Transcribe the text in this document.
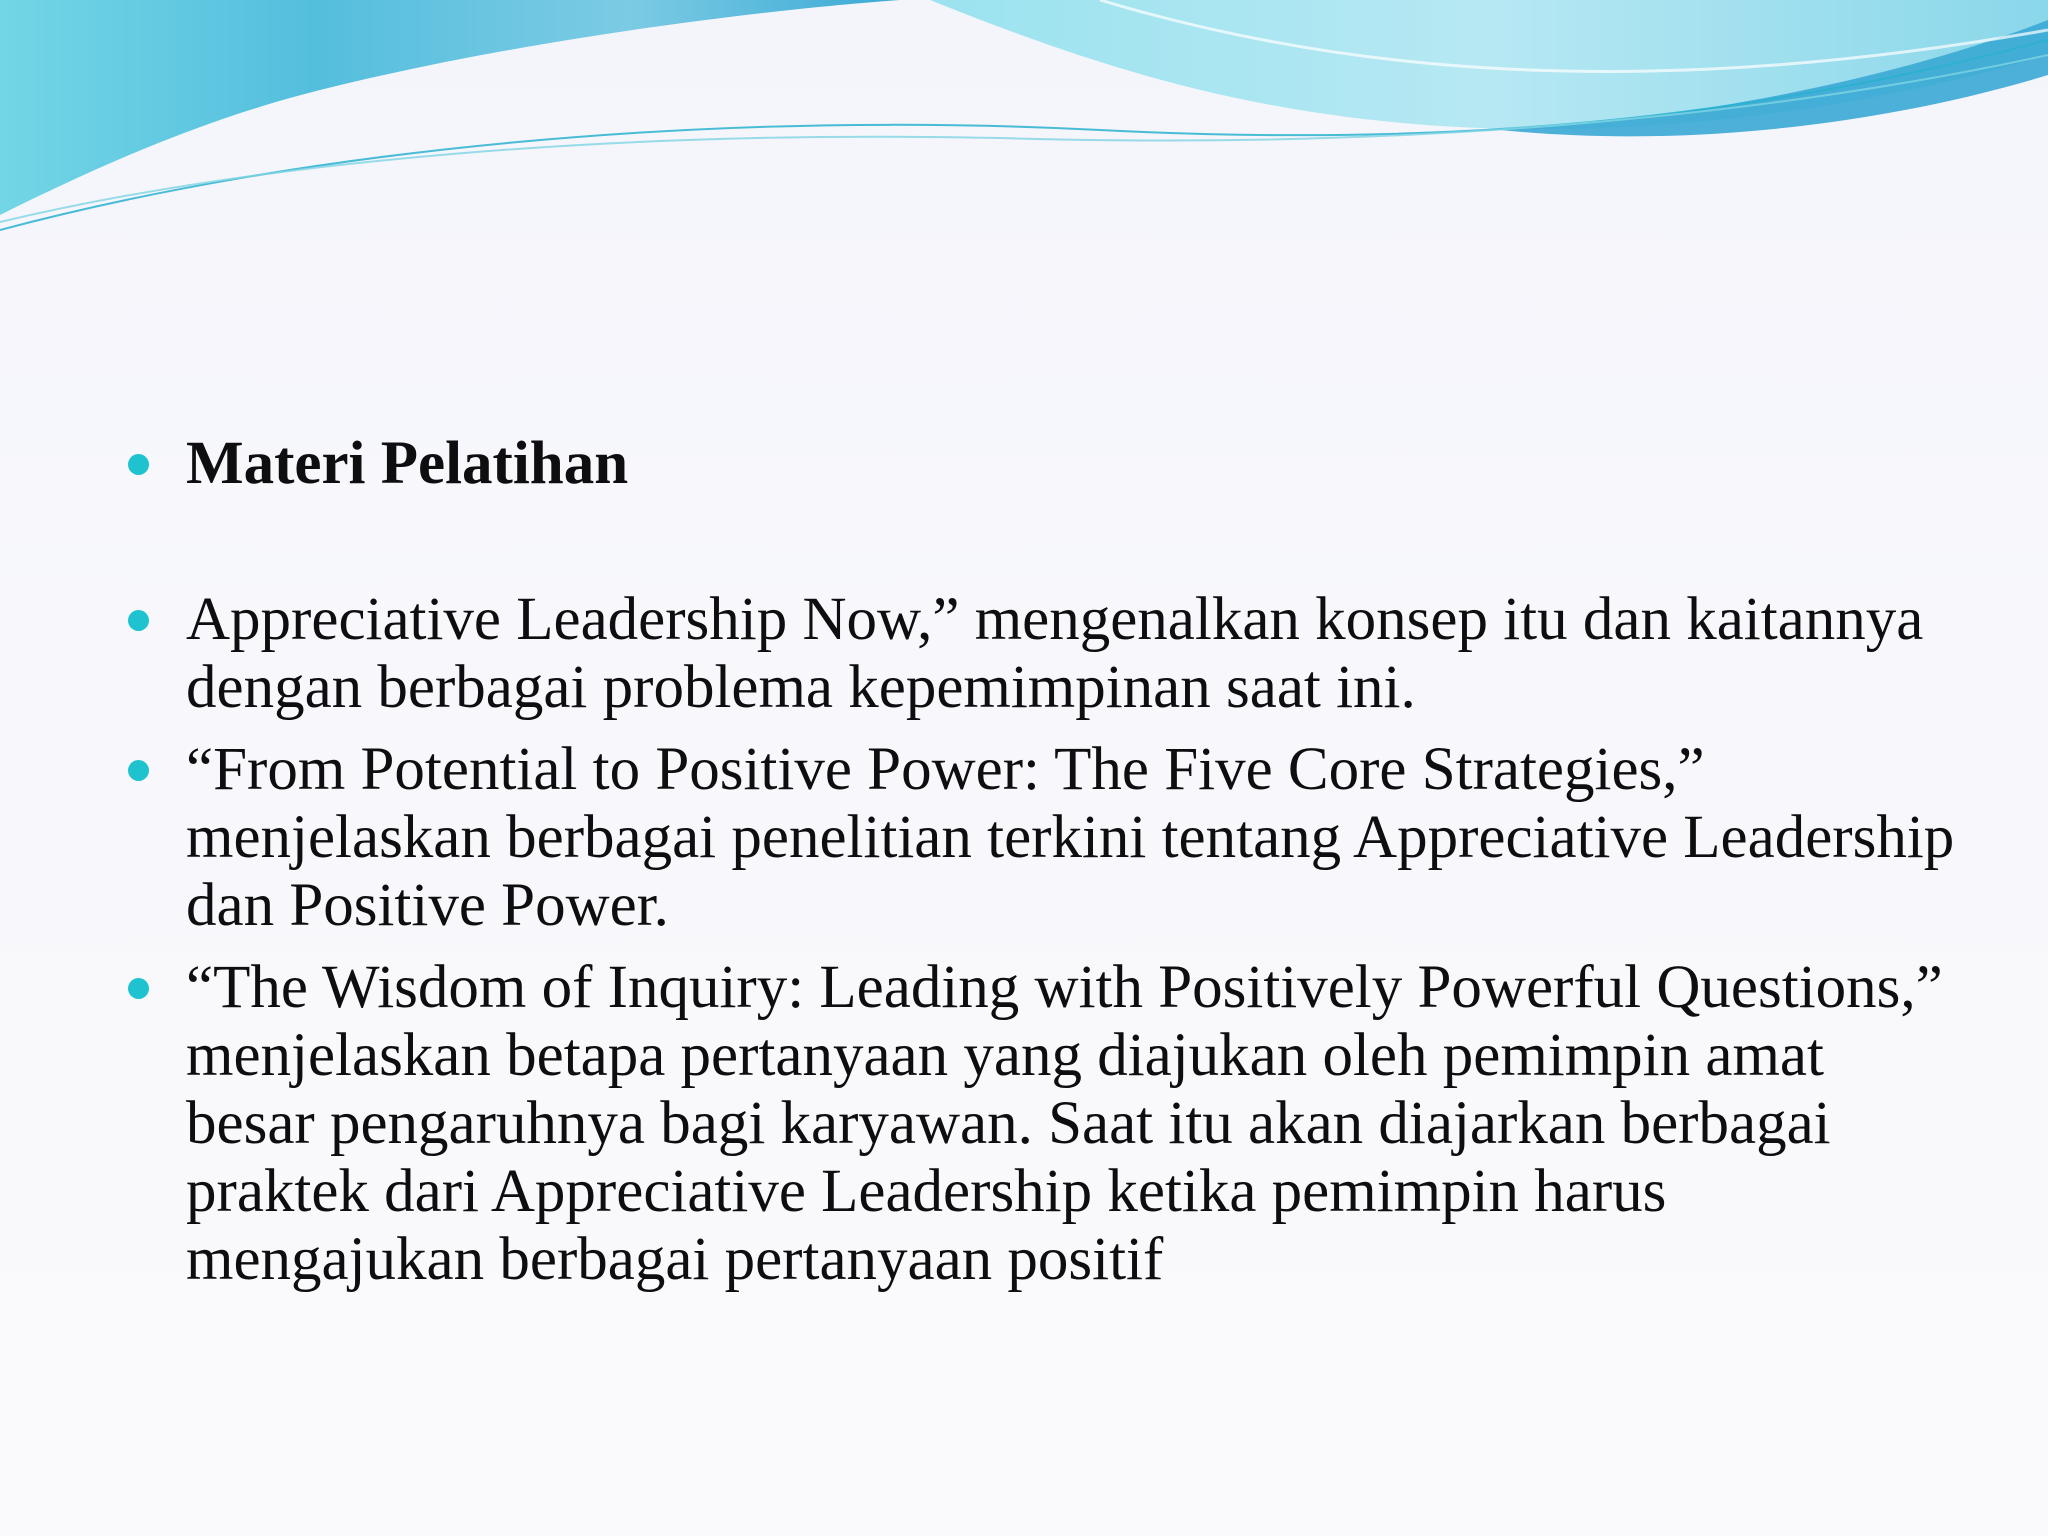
Materi Pelatihan
Appreciative Leadership Now,” mengenalkan konsep itu dan kaitannya dengan berbagai problema kepemimpinan saat ini.
“From Potential to Positive Power: The Five Core Strategies,” menjelaskan berbagai penelitian terkini tentang Appreciative Leadership dan Positive Power.
“The Wisdom of Inquiry: Leading with Positively Powerful Questions,” menjelaskan betapa pertanyaan yang diajukan oleh pemimpin amat besar pengaruhnya bagi karyawan. Saat itu akan diajarkan berbagai praktek dari Appreciative Leadership ketika pemimpin harus mengajukan berbagai pertanyaan positif
